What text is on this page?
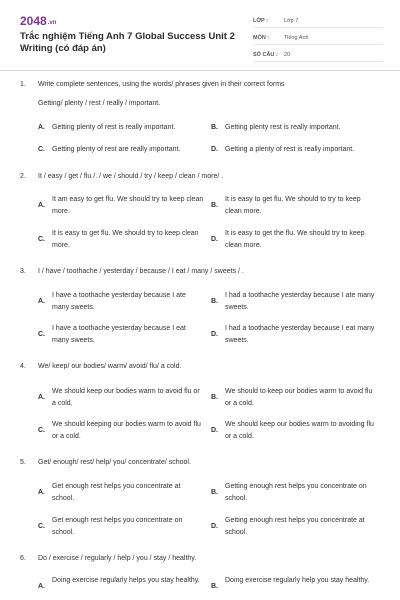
2048.vn
Trắc nghiệm Tiếng Anh 7 Global Success Unit 2 Writing (có đáp án)
LỚP :	Lớp 7
MÔN :	Tiếng Anh
SỐ CÂU :	20
1. Write complete sentences, using the words/ phrases given in their correct forms
Getting/ plenty / rest / really / important.
A.	Getting plenty of rest is really important.	B.	Getting plenty rest is really important.
C.	Getting plenty of rest are really important.	D.	Getting a plenty of rest is really important.
2. It / easy / get / flu /. / we / should / try / keep / clean / more/ .
A.
It am easy to get flu. We should try to keep clean more.
B.
It is easy to get flu. We should to try to keep clean more.
C.
It is easy to get flu. We should try to keep clean more.
D.
It is easy to get the flu. We should try to keep clean more.
3. I / have / toothache / yesterday / because / I eat / many / sweets / .
A.
I have a toothache yesterday because I ate many sweets.
B.
I had a toothache yesterday because I ate many sweets.
C.
I have a toothache yesterday because I eat many sweets.
D.
I had a toothache yesterday because I eat many sweets.
4. We/ keep/ our bodies/ warm/ avoid/ flu/ a cold.
A.
We should keep our bodies warm to avoid flu or a cold.
B.
We should to keep our bodies warm to avoid flu or a cold.
C.
We should keeping our bodies warm to avoid flu or a cold.
D.
We should keep our bodies warm to avoiding flu or a cold.
5. Get/ enough/ rest/ help/ you/ concentrate/ school.
A.
Get enough rest helps you concentrate at school.
B.
Getting enough rest helps you concentrate on school.
C.
Get enough rest helps you concentrate on school.
D.
Getting enough rest helps you concentrate at school.
6. Do / exercise / regularly / help / you / stay / healthy.
A.
Doing exercise regularly helps you stay healthy.
B.
Doing exercise regularly help you stay healthy.
